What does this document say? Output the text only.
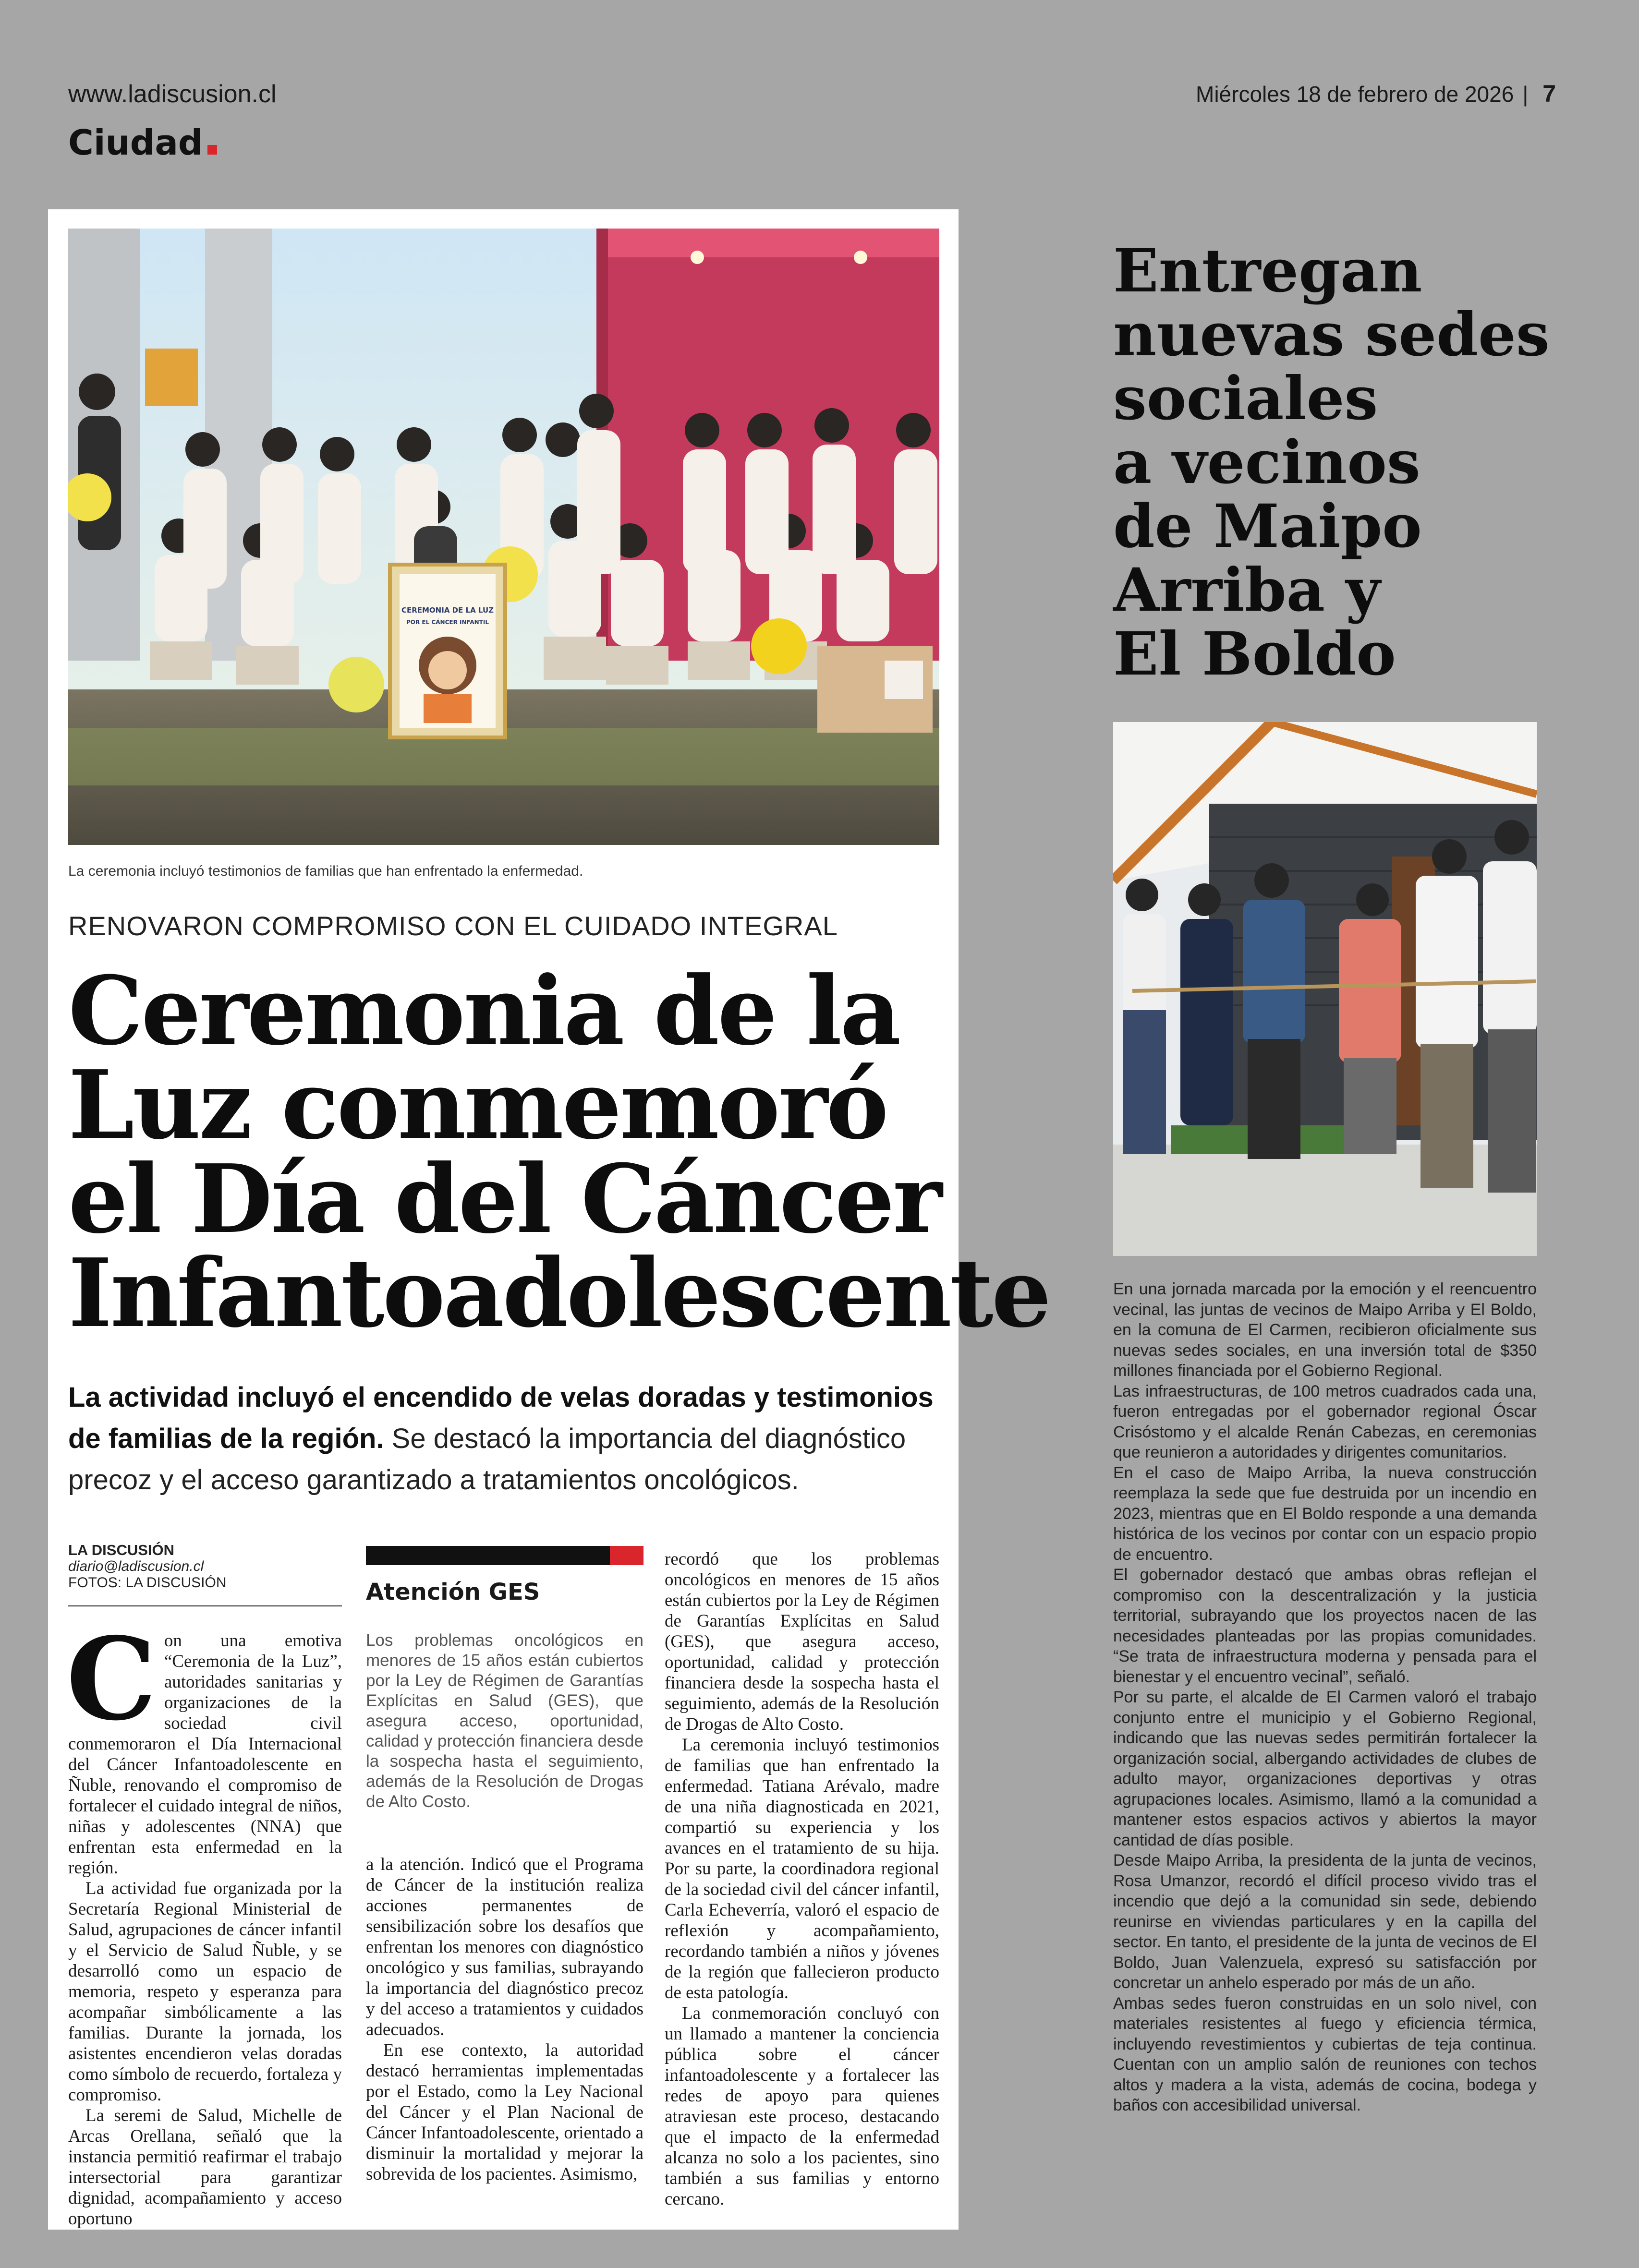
www.ladiscusion.cl
Ciudad
Miércoles 18 de febrero de 2026 | 7
CEREMONIA DE LA LUZ
POR EL CÁNCER INFANTIL
La ceremonia incluyó testimonios de familias que han enfrentado la enfermedad.
RENOVARON COMPROMISO CON EL CUIDADO INTEGRAL
Ceremonia de la
Luz conmemoró
el Día del Cáncer
Infantoadolescente
La actividad incluyó el encendido de velas doradas y testimonios de familias de la región. Se destacó la importancia del diagnóstico precoz y el acceso garantizado a tratamientos oncológicos.
LA DISCUSIÓN
diario@ladiscusion.cl
FOTOS: LA DISCUSIÓN
C on una emotiva “Ceremonia de la Luz”, autoridades sanitarias y organizaciones de la sociedad civil conmemoraron el Día Internacional del Cáncer Infantoadolescente en Ñuble, renovando el compromiso de fortalecer el cuidado integral de niños, niñas y adolescentes (NNA) que enfrentan esta enfermedad en la región.

La actividad fue organizada por la Secretaría Regional Ministerial de Salud, agrupaciones de cáncer infantil y el Servicio de Salud Ñuble, y se desarrolló como un espacio de memoria, respeto y esperanza para acompañar simbólicamente a las familias. Durante la jornada, los asistentes encendieron velas doradas como símbolo de recuerdo, fortaleza y compromiso.

La seremi de Salud, Michelle de Arcas Orellana, señaló que la instancia permitió reafirmar el trabajo intersectorial para garantizar dignidad, acompañamiento y acceso oportuno

Atención GES
Los problemas oncológicos en menores de 15 años están cubiertos por la Ley de Régimen de Garantías Explícitas en Salud (GES), que asegura acceso, oportunidad, calidad y protección financiera desde la sospecha hasta el seguimiento, además de la Resolución de Drogas de Alto Costo.

a la atención. Indicó que el Programa de Cáncer de la institución realiza acciones permanentes de sensibilización sobre los desafíos que enfrentan los menores con diagnóstico oncológico y sus familias, subrayando la importancia del diagnóstico precoz y del acceso a tratamientos y cuidados adecuados.

En ese contexto, la autoridad destacó herramientas implementadas por el Estado, como la Ley Nacional del Cáncer y el Plan Nacional de Cáncer Infantoadolescente, orientado a disminuir la mortalidad y mejorar la sobrevida de los pacientes. Asimismo,

recordó que los problemas oncológicos en menores de 15 años están cubiertos por la Ley de Régimen de Garantías Explícitas en Salud (GES), que asegura acceso, oportunidad, calidad y protección financiera desde la sospecha hasta el seguimiento, además de la Resolución de Drogas de Alto Costo.

La ceremonia incluyó testimonios de familias que han enfrentado la enfermedad. Tatiana Arévalo, madre de una niña diagnosticada en 2021, compartió su experiencia y los avances en el tratamiento de su hija. Por su parte, la coordinadora regional de la sociedad civil del cáncer infantil, Carla Echeverría, valoró el espacio de reflexión y acompañamiento, recordando también a niños y jóvenes de la región que fallecieron producto de esta patología.

La conmemoración concluyó con un llamado a mantener la conciencia pública sobre el cáncer infantoadolescente y a fortalecer las redes de apoyo para quienes atraviesan este proceso, destacando que el impacto de la enfermedad alcanza no solo a los pacientes, sino también a sus familias y entorno cercano.

Entregan
nuevas sedes
sociales
a vecinos
de Maipo
Arriba y
El Boldo

En una jornada marcada por la emoción y el reencuentro vecinal, las juntas de vecinos de Maipo Arriba y El Boldo, en la comuna de El Carmen, recibieron oficialmente sus nuevas sedes sociales, en una inversión total de $350 millones financiada por el Gobierno Regional.

Las infraestructuras, de 100 metros cuadrados cada una, fueron entregadas por el gobernador regional Óscar Crisóstomo y el alcalde Renán Cabezas, en ceremonias que reunieron a autoridades y dirigentes comunitarios.

En el caso de Maipo Arriba, la nueva construcción reemplaza la sede que fue destruida por un incendio en 2023, mientras que en El Boldo responde a una demanda histórica de los vecinos por contar con un espacio propio de encuentro.

El gobernador destacó que ambas obras reflejan el compromiso con la descentralización y la justicia territorial, subrayando que los proyectos nacen de las necesidades planteadas por las propias comunidades. “Se trata de infraestructura moderna y pensada para el bienestar y el encuentro vecinal”, señaló.

Por su parte, el alcalde de El Carmen valoró el trabajo conjunto entre el municipio y el Gobierno Regional, indicando que las nuevas sedes permitirán fortalecer la organización social, albergando actividades de clubes de adulto mayor, organizaciones deportivas y otras agrupaciones locales. Asimismo, llamó a la comunidad a mantener estos espacios activos y abiertos la mayor cantidad de días posible.

Desde Maipo Arriba, la presidenta de la junta de vecinos, Rosa Umanzor, recordó el difícil proceso vivido tras el incendio que dejó a la comunidad sin sede, debiendo reunirse en viviendas particulares y en la capilla del sector. En tanto, el presidente de la junta de vecinos de El Boldo, Juan Valenzuela, expresó su satisfacción por concretar un anhelo esperado por más de un año.

Ambas sedes fueron construidas en un solo nivel, con materiales resistentes al fuego y eficiencia térmica, incluyendo revestimientos y cubiertas de teja continua. Cuentan con un amplio salón de reuniones con techos altos y madera a la vista, además de cocina, bodega y baños con accesibilidad universal.
